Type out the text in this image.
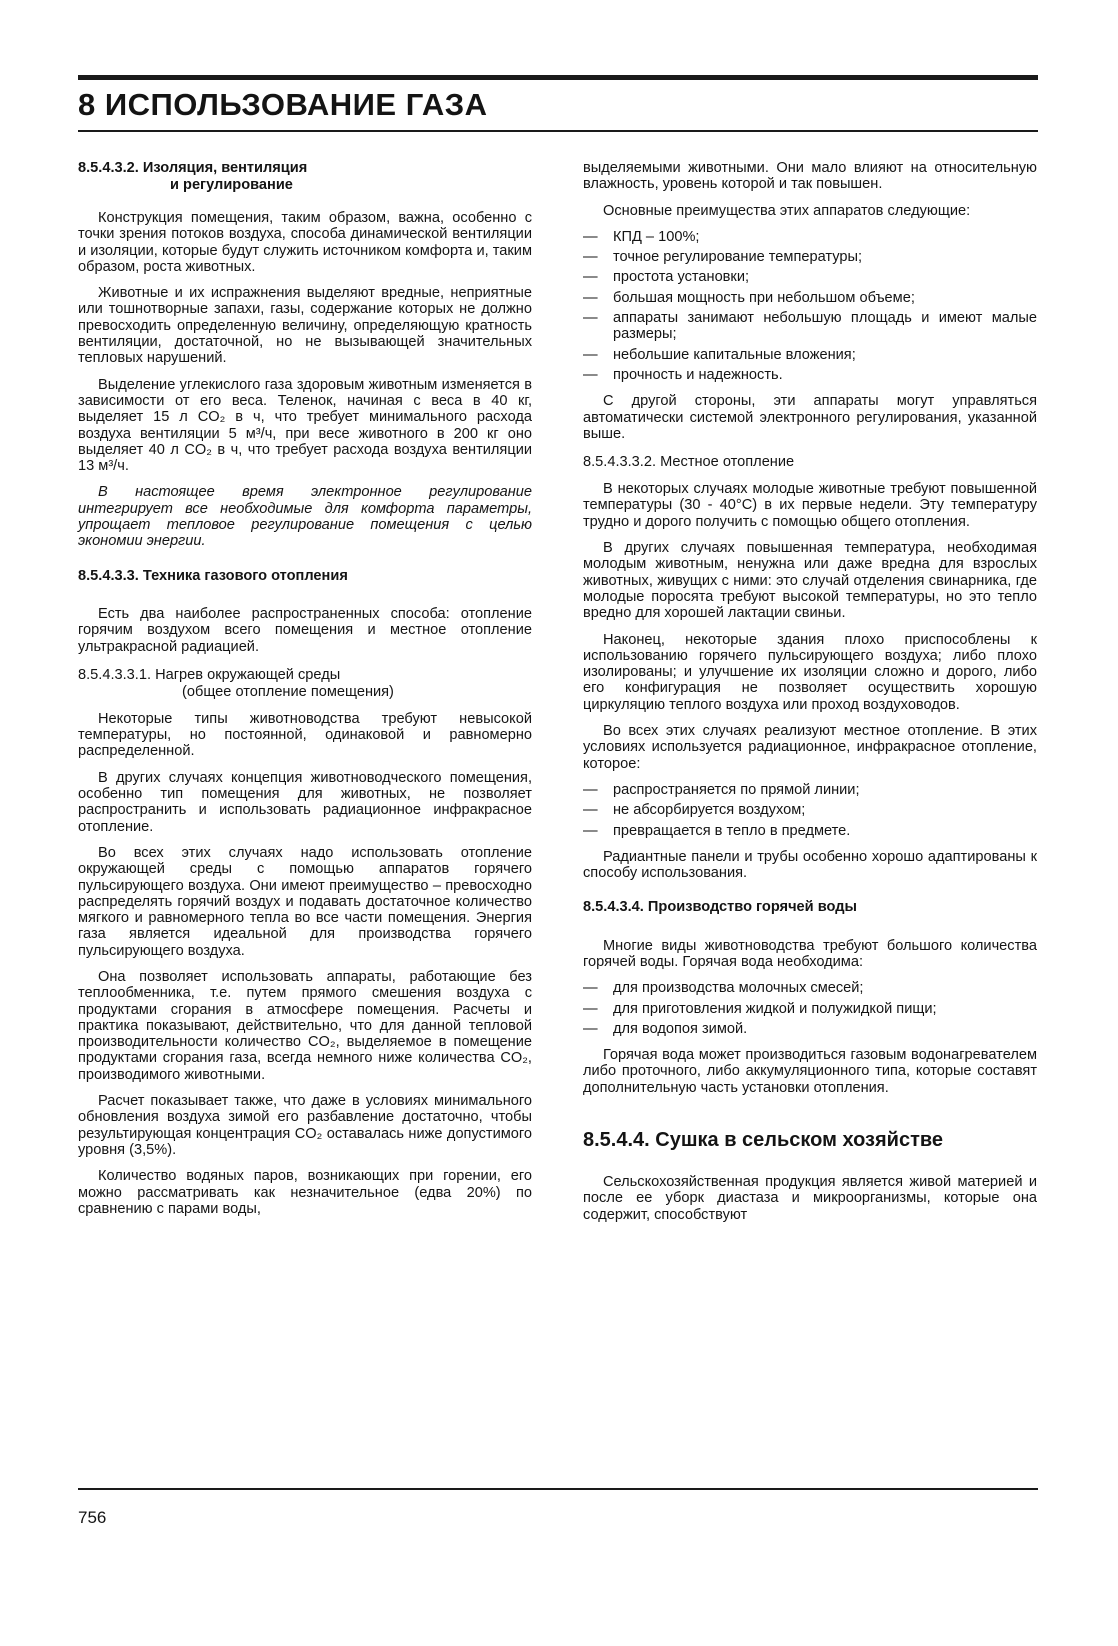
8 ИСПОЛЬЗОВАНИЕ ГАЗА
8.5.4.3.2. Изоляция, вентиляция
и регулирование

Конструкция помещения, таким образом, важна, особенно с точки зрения потоков воздуха, способа динамической вентиляции и изоляции, которые будут служить источником комфорта и, таким образом, роста животных.

Животные и их испражнения выделяют вредные, неприятные или тошнотворные запахи, газы, содержание которых не должно превосходить определенную величину, определяющую кратность вентиляции, достаточной, но не вызывающей значительных тепловых нарушений.

Выделение углекислого газа здоровым животным изменяется в зависимости от его веса. Теленок, начиная с веса в 40 кг, выделяет 15 л CO₂ в ч, что требует минимального расхода воздуха вентиляции 5 м³/ч, при весе животного в 200 кг оно выделяет 40 л CO₂ в ч, что требует расхода воздуха вентиляции 13 м³/ч.

В настоящее время электронное регулирование интегрирует все необходимые для комфорта параметры, упрощает тепловое регулирование помещения с целью экономии энергии.

8.5.4.3.3. Техника газового отопления

Есть два наиболее распространенных способа: отопление горячим воздухом всего помещения и местное отопление ультракрасной радиацией.

8.5.4.3.3.1. Нагрев окружающей среды
(общее отопление помещения)

Некоторые типы животноводства требуют невысокой температуры, но постоянной, одинаковой и равномерно распределенной.

В других случаях концепция животноводческого помещения, особенно тип помещения для животных, не позволяет распространить и использовать радиационное инфракрасное отопление.

Во всех этих случаях надо использовать отопление окружающей среды с помощью аппаратов горячего пульсирующего воздуха. Они имеют преимущество – превосходно распределять горячий воздух и подавать достаточное количество мягкого и равномерного тепла во все части помещения. Энергия газа является идеальной для производства горячего пульсирующего воздуха.

Она позволяет использовать аппараты, работающие без теплообменника, т.е. путем прямого смешения воздуха с продуктами сгорания в атмосфере помещения. Расчеты и практика показывают, действительно, что для данной тепловой производительности количество CO₂, выделяемое в помещение продуктами сгорания газа, всегда немного ниже количества CO₂, производимого животными.

Расчет показывает также, что даже в условиях минимального обновления воздуха зимой его разбавление достаточно, чтобы результирующая концентрация CO₂ оставалась ниже допустимого уровня (3,5%).

Количество водяных паров, возникающих при горении, его можно рассматривать как незначительное (едва 20%) по сравнению с парами воды,

выделяемыми животными. Они мало влияют на относительную влажность, уровень которой и так повышен.

Основные преимущества этих аппаратов следующие:

— КПД – 100%;
— точное регулирование температуры;
— простота установки;
— большая мощность при небольшом объеме;
— аппараты занимают небольшую площадь и имеют малые размеры;
— небольшие капитальные вложения;
— прочность и надежность.

С другой стороны, эти аппараты могут управляться автоматически системой электронного регулирования, указанной выше.

8.5.4.3.3.2. Местное отопление

В некоторых случаях молодые животные требуют повышенной температуры (30 - 40°C) в их первые недели. Эту температуру трудно и дорого получить с помощью общего отопления.

В других случаях повышенная температура, необходимая молодым животным, ненужна или даже вредна для взрослых животных, живущих с ними: это случай отделения свинарника, где молодые поросята требуют высокой температуры, но это тепло вредно для хорошей лактации свиньи.

Наконец, некоторые здания плохо приспособлены к использованию горячего пульсирующего воздуха; либо плохо изолированы; и улучшение их изоляции сложно и дорого, либо его конфигурация не позволяет осуществить хорошую циркуляцию теплого воздуха или проход воздуховодов.

Во всех этих случаях реализуют местное отопление. В этих условиях используется радиационное, инфракрасное отопление, которое:

— распространяется по прямой линии;
— не абсорбируется воздухом;
— превращается в тепло в предмете.

Радиантные панели и трубы особенно хорошо адаптированы к способу использования.

8.5.4.3.4. Производство горячей воды

Многие виды животноводства требуют большого количества горячей воды. Горячая вода необходима:

— для производства молочных смесей;
— для приготовления жидкой и полужидкой пищи;
— для водопоя зимой.

Горячая вода может производиться газовым водонагревателем либо проточного, либо аккумуляционного типа, которые составят дополнительную часть установки отопления.

8.5.4.4. Сушка в сельском хозяйстве

Сельскохозяйственная продукция является живой материей и после ее уборк диастаза и микроорганизмы, которые она содержит, способствуют

756
